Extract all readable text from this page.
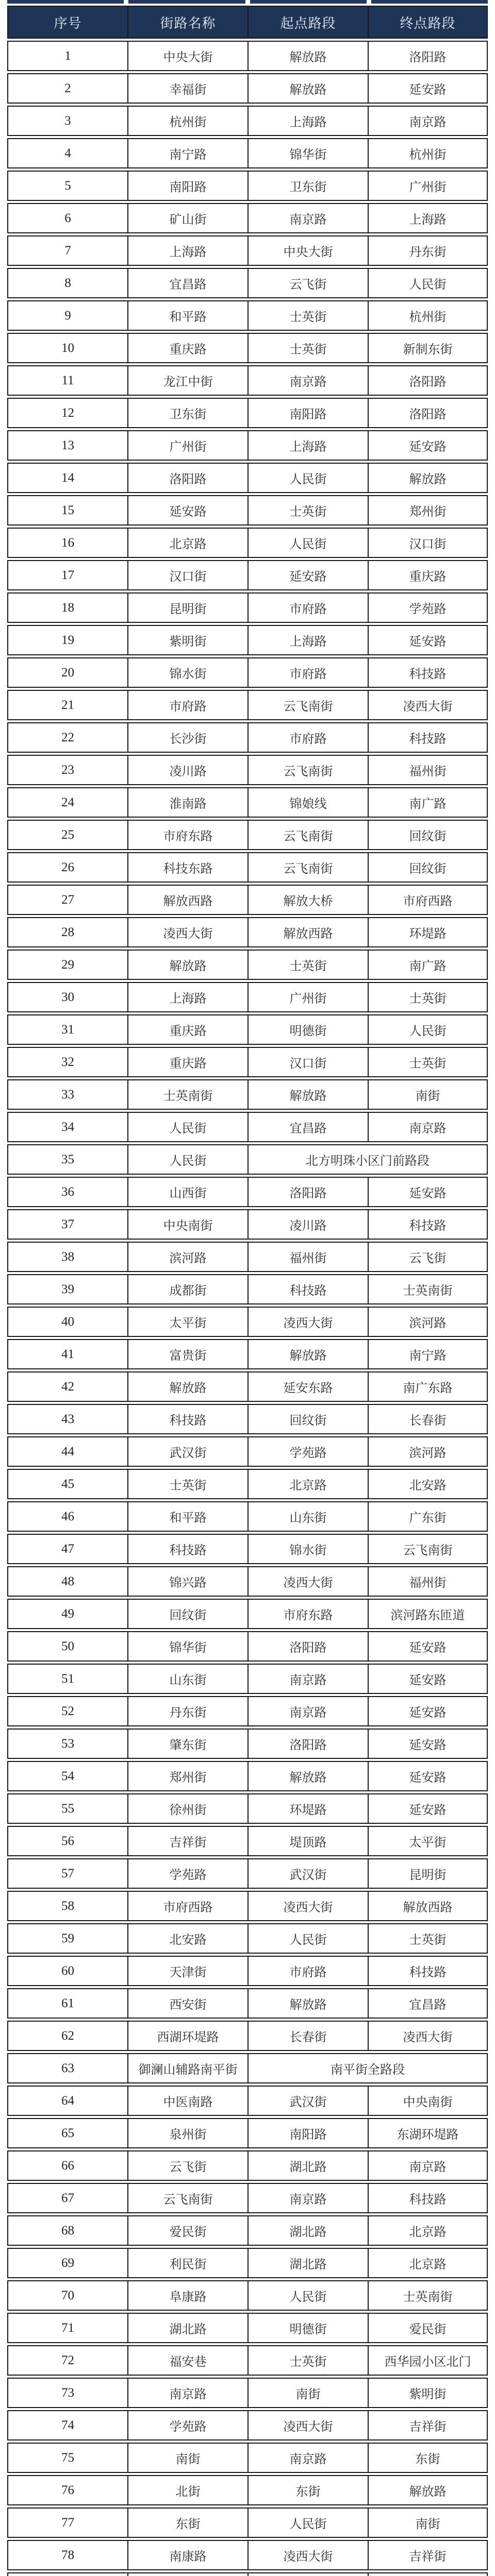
序号	街路名称	起点路段	终点路段
1	中央大街	解放路	洛阳路
2	幸福街	解放路	延安路
3	杭州街	上海路	南京路
4	南宁路	锦华街	杭州街
5	南阳路	卫东街	广州街
6	矿山街	南京路	上海路
7	上海路	中央大街	丹东街
8	宜昌路	云飞街	人民街
9	和平路	士英街	杭州街
10	重庆路	士英街	新制东街
11	龙江中街	南京路	洛阳路
12	卫东街	南阳路	洛阳路
13	广州街	上海路	延安路
14	洛阳路	人民街	解放路
15	延安路	士英街	郑州街
16	北京路	人民街	汉口街
17	汉口街	延安路	重庆路
18	昆明街	市府路	学苑路
19	紫明街	上海路	延安路
20	锦水街	市府路	科技路
21	市府路	云飞南街	凌西大街
22	长沙街	市府路	科技路
23	凌川路	云飞南街	福州街
24	淮南路	锦娘线	南广路
25	市府东路	云飞南街	回纹街
26	科技东路	云飞南街	回纹街
27	解放西路	解放大桥	市府西路
28	凌西大街	解放西路	环堤路
29	解放路	士英街	南广路
30	上海路	广州街	士英街
31	重庆路	明德街	人民街
32	重庆路	汉口街	士英街
33	士英南街	解放路	南街
34	人民街	宜昌路	南京路
35	人民街	北方明珠小区门前路段	
36	山西街	洛阳路	延安路
37	中央南街	凌川路	科技路
38	滨河路	福州街	云飞街
39	成都街	科技路	士英南街
40	太平街	凌西大街	滨河路
41	富贵街	解放路	南宁路
42	解放路	延安东路	南广东路
43	科技路	回纹街	长春街
44	武汉街	学苑路	滨河路
45	士英街	北京路	北安路
46	和平路	山东街	广东街
47	科技路	锦水街	云飞南街
48	锦兴路	凌西大街	福州街
49	回纹街	市府东路	滨河路东匝道
50	锦华街	洛阳路	延安路
51	山东街	南京路	延安路
52	丹东街	南京路	延安路
53	肇东街	洛阳路	延安路
54	郑州街	解放路	延安路
55	徐州街	环堤路	延安路
56	吉祥街	堤顶路	太平街
57	学苑路	武汉街	昆明街
58	市府西路	凌西大街	解放西路
59	北安路	人民街	士英街
60	天津街	市府路	科技路
61	西安街	解放路	宜昌路
62	西湖环堤路	长春街	凌西大街
63	御澜山辅路南平街	南平街全路段	
64	中医南路	武汉街	中央南街
65	泉州街	南阳路	东湖环堤路
66	云飞街	湖北路	南京路
67	云飞南街	南京路	科技路
68	爱民街	湖北路	北京路
69	利民街	湖北路	北京路
70	阜康路	人民街	士英南街
71	湖北路	明德街	爱民街
72	福安巷	士英街	西华园小区北门
73	南京路	南街	紫明街
74	学苑路	凌西大街	吉祥街
75	南街	南京路	东街
76	北街	东街	解放路
77	东街	人民街	南街
78	南康路	凌西大街	吉祥街
